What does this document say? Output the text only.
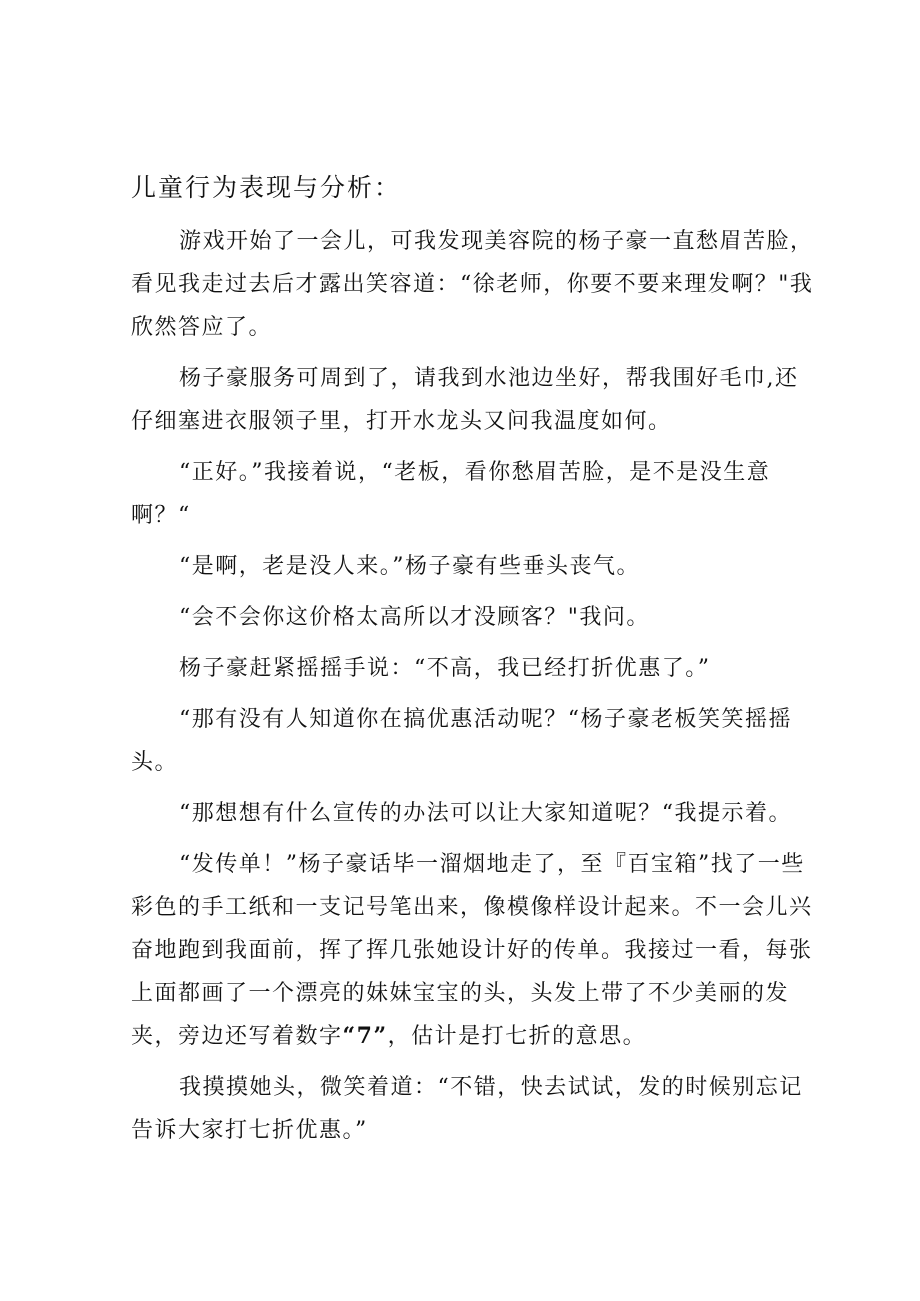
儿童行为表现与分析：

游戏开始了一会儿，可我发现美容院的杨子豪一直愁眉苦脸，看见我走过去后才露出笑容道：“徐老师，你要不要来理发啊？"我欣然答应了。

杨子豪服务可周到了，请我到水池边坐好，帮我围好毛巾,还仔细塞进衣服领子里，打开水龙头又问我温度如何。

“正好。”我接着说，“老板，看你愁眉苦脸，是不是没生意啊？“

“是啊，老是没人来。”杨子豪有些垂头丧气。

“会不会你这价格太高所以才没顾客？"我问。

杨子豪赶紧摇摇手说：“不高，我已经打折优惠了。”

“那有没有人知道你在搞优惠活动呢？“杨子豪老板笑笑摇摇头。

“那想想有什么宣传的办法可以让大家知道呢？“我提示着。

“发传单！”杨子豪话毕一溜烟地走了，至『百宝箱”找了一些彩色的手工纸和一支记号笔出来，像模像样设计起来。不一会儿兴奋地跑到我面前，挥了挥几张她设计好的传单。我接过一看，每张上面都画了一个漂亮的妹妹宝宝的头，头发上带了不少美丽的发夹，旁边还写着数字“7”，估计是打七折的意思。

我摸摸她头，微笑着道：“不错，快去试试，发的时候别忘记告诉大家打七折优惠。”
